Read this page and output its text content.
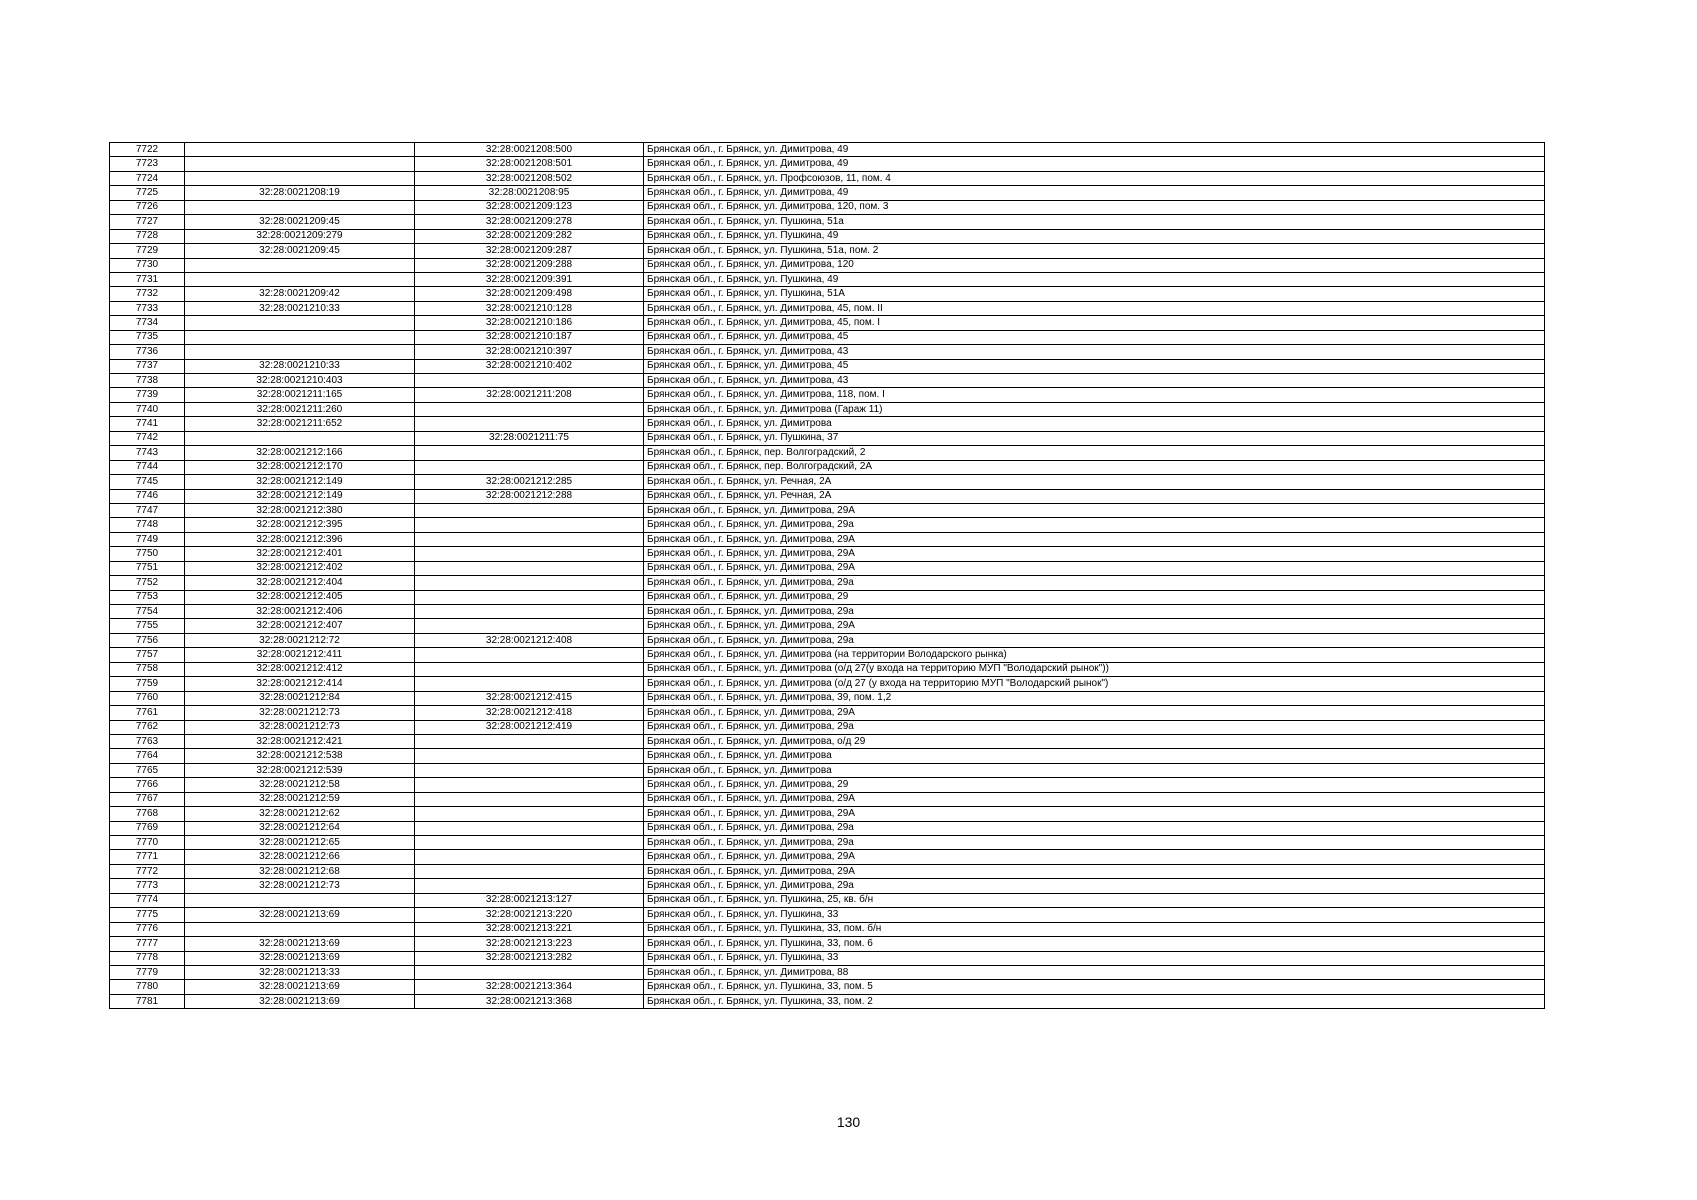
7722		32:28:0021208:500	Брянская обл., г. Брянск, ул. Димитрова, 49
7723		32:28:0021208:501	Брянская обл., г. Брянск, ул. Димитрова, 49
7724		32:28:0021208:502	Брянская обл., г. Брянск, ул. Профсоюзов, 11, пом. 4
7725	32:28:0021208:19	32:28:0021208:95	Брянская обл., г. Брянск, ул. Димитрова, 49
7726		32:28:0021209:123	Брянская обл., г. Брянск, ул. Димитрова, 120, пом. 3
7727	32:28:0021209:45	32:28:0021209:278	Брянская обл., г. Брянск, ул. Пушкина, 51а
7728	32:28:0021209:279	32:28:0021209:282	Брянская обл., г. Брянск, ул. Пушкина, 49
7729	32:28:0021209:45	32:28:0021209:287	Брянская обл., г. Брянск, ул. Пушкина, 51а, пом. 2
7730		32:28:0021209:288	Брянская обл., г. Брянск, ул. Димитрова, 120
7731		32:28:0021209:391	Брянская обл., г. Брянск, ул. Пушкина, 49
7732	32:28:0021209:42	32:28:0021209:498	Брянская обл., г. Брянск, ул. Пушкина, 51А
7733	32:28:0021210:33	32:28:0021210:128	Брянская обл., г. Брянск, ул. Димитрова, 45, пом. II
7734		32:28:0021210:186	Брянская обл., г. Брянск, ул. Димитрова, 45, пом. I
7735		32:28:0021210:187	Брянская обл., г. Брянск, ул. Димитрова, 45
7736		32:28:0021210:397	Брянская обл., г. Брянск, ул. Димитрова, 43
7737	32:28:0021210:33	32:28:0021210:402	Брянская обл., г. Брянск, ул. Димитрова, 45
7738	32:28:0021210:403		Брянская обл., г. Брянск, ул. Димитрова, 43
7739	32:28:0021211:165	32:28:0021211:208	Брянская обл., г. Брянск, ул. Димитрова, 118, пом. I
7740	32:28:0021211:260		Брянская обл., г. Брянск, ул. Димитрова (Гараж 11)
7741	32:28:0021211:652		Брянская обл., г. Брянск, ул. Димитрова
7742		32:28:0021211:75	Брянская обл., г. Брянск, ул. Пушкина, 37
7743	32:28:0021212:166		Брянская обл., г. Брянск, пер. Волгоградский, 2
7744	32:28:0021212:170		Брянская обл., г. Брянск, пер. Волгоградский, 2А
7745	32:28:0021212:149	32:28:0021212:285	Брянская обл., г. Брянск, ул. Речная, 2А
7746	32:28:0021212:149	32:28:0021212:288	Брянская обл., г. Брянск, ул. Речная, 2А
7747	32:28:0021212:380		Брянская обл., г. Брянск, ул. Димитрова, 29А
7748	32:28:0021212:395		Брянская обл., г. Брянск, ул. Димитрова, 29а
7749	32:28:0021212:396		Брянская обл., г. Брянск, ул. Димитрова, 29А
7750	32:28:0021212:401		Брянская обл., г. Брянск, ул. Димитрова, 29А
7751	32:28:0021212:402		Брянская обл., г. Брянск, ул. Димитрова, 29А
7752	32:28:0021212:404		Брянская обл., г. Брянск, ул. Димитрова, 29а
7753	32:28:0021212:405		Брянская обл., г. Брянск, ул. Димитрова, 29
7754	32:28:0021212:406		Брянская обл., г. Брянск, ул. Димитрова, 29а
7755	32:28:0021212:407		Брянская обл., г. Брянск, ул. Димитрова, 29А
7756	32:28:0021212:72	32:28:0021212:408	Брянская обл., г. Брянск, ул. Димитрова, 29а
7757	32:28:0021212:411		Брянская обл., г. Брянск, ул. Димитрова (на территории Володарского рынка)
7758	32:28:0021212:412		Брянская обл., г. Брянск, ул. Димитрова (о/д 27(у входа на территорию МУП "Володарский рынок"))
7759	32:28:0021212:414		Брянская обл., г. Брянск, ул. Димитрова (о/д 27 (у входа на территорию МУП "Володарский рынок")
7760	32:28:0021212:84	32:28:0021212:415	Брянская обл., г. Брянск, ул. Димитрова, 39, пом. 1,2
7761	32:28:0021212:73	32:28:0021212:418	Брянская обл., г. Брянск, ул. Димитрова, 29А
7762	32:28:0021212:73	32:28:0021212:419	Брянская обл., г. Брянск, ул. Димитрова, 29а
7763	32:28:0021212:421		Брянская обл., г. Брянск, ул. Димитрова, о/д 29
7764	32:28:0021212:538		Брянская обл., г. Брянск, ул. Димитрова
7765	32:28:0021212:539		Брянская обл., г. Брянск, ул. Димитрова
7766	32:28:0021212:58		Брянская обл., г. Брянск, ул. Димитрова, 29
7767	32:28:0021212:59		Брянская обл., г. Брянск, ул. Димитрова, 29А
7768	32:28:0021212:62		Брянская обл., г. Брянск, ул. Димитрова, 29А
7769	32:28:0021212:64		Брянская обл., г. Брянск, ул. Димитрова, 29а
7770	32:28:0021212:65		Брянская обл., г. Брянск, ул. Димитрова, 29а
7771	32:28:0021212:66		Брянская обл., г. Брянск, ул. Димитрова, 29А
7772	32:28:0021212:68		Брянская обл., г. Брянск, ул. Димитрова, 29А
7773	32:28:0021212:73		Брянская обл., г. Брянск, ул. Димитрова, 29а
7774		32:28:0021213:127	Брянская обл., г. Брянск, ул. Пушкина, 25, кв. б/н
7775	32:28:0021213:69	32:28:0021213:220	Брянская обл., г. Брянск, ул. Пушкина, 33
7776		32:28:0021213:221	Брянская обл., г. Брянск, ул. Пушкина, 33, пом. б/н
7777	32:28:0021213:69	32:28:0021213:223	Брянская обл., г. Брянск, ул. Пушкина, 33, пом. 6
7778	32:28:0021213:69	32:28:0021213:282	Брянская обл., г. Брянск, ул. Пушкина, 33
7779	32:28:0021213:33		Брянская обл., г. Брянск, ул. Димитрова, 88
7780	32:28:0021213:69	32:28:0021213:364	Брянская обл., г. Брянск, ул. Пушкина, 33, пом. 5
7781	32:28:0021213:69	32:28:0021213:368	Брянская обл., г. Брянск, ул. Пушкина, 33, пом. 2
130
